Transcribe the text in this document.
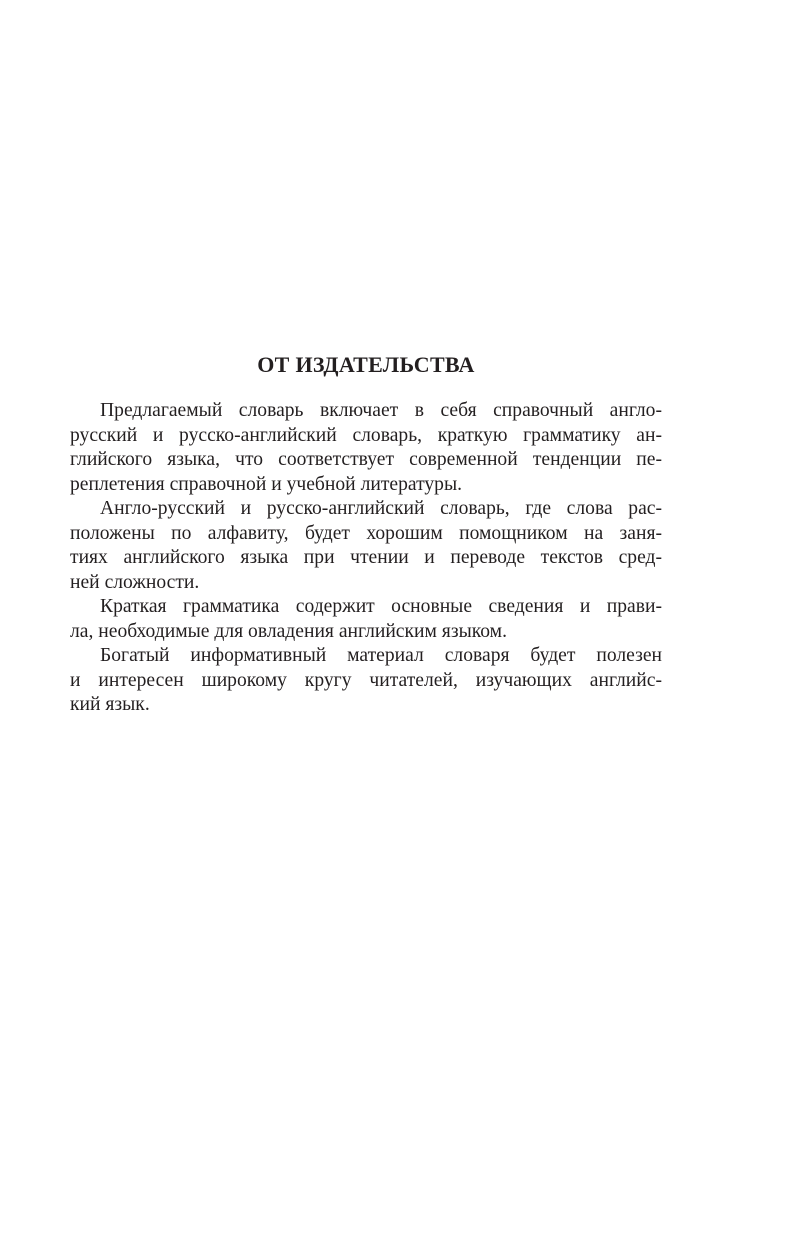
ОТ ИЗДАТЕЛЬСТВА
Предлагаемый словарь включает в себя справочный англо-
русский и русско-английский словарь, краткую грамматику ан-
глийского языка, что соответствует современной тенденции пе-
реплетения справочной и учебной литературы.
Англо-русский и русско-английский словарь, где слова рас-
положены по алфавиту, будет хорошим помощником на заня-
тиях английского языка при чтении и переводе текстов сред-
ней сложности.
Краткая грамматика содержит основные сведения и прави-
ла, необходимые для овладения английским языком.
Богатый информативный материал словаря будет полезен
и интересен широкому кругу читателей, изучающих английс-
кий язык.
